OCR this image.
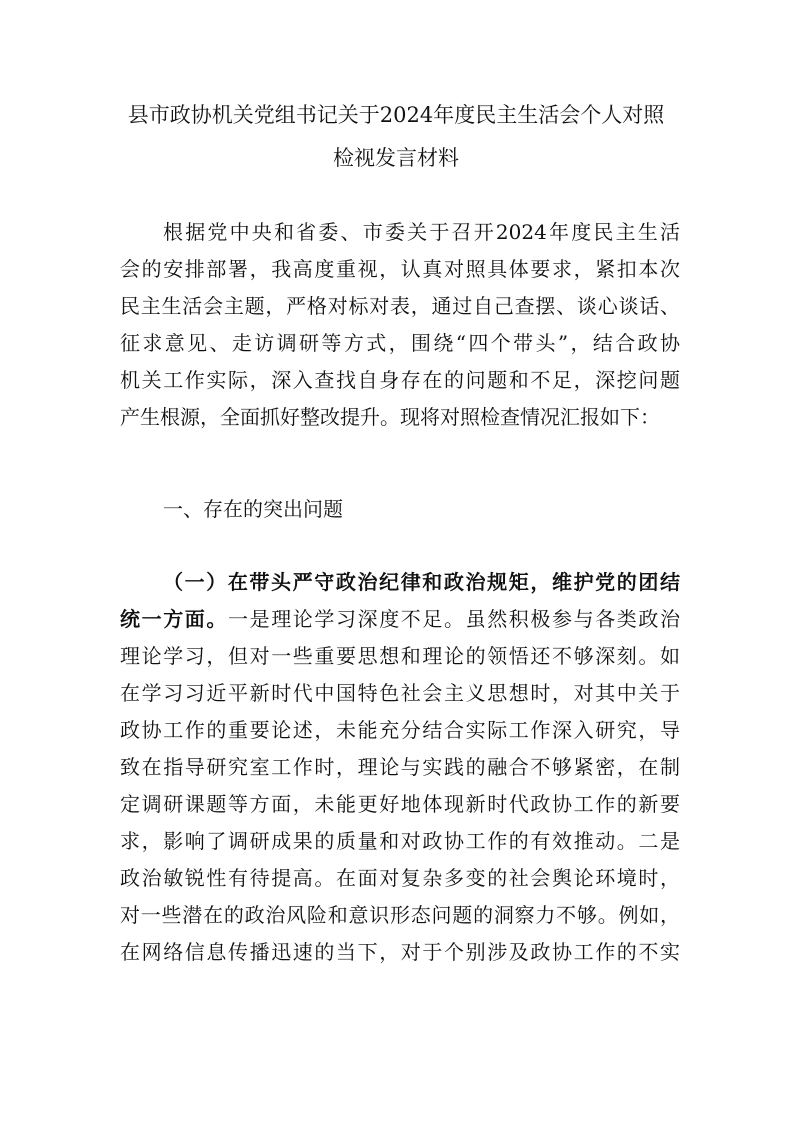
县市政协机关党组书记关于2024年度民主生活会个人对照
检视发言材料
根据党中央和省委、市委关于召开2024年度民主生活
会的安排部署，我高度重视，认真对照具体要求，紧扣本次
民主生活会主题，严格对标对表，通过自己查摆、谈心谈话、
征求意见、走访调研等方式，围绕“四个带头”，结合政协
机关工作实际，深入查找自身存在的问题和不足，深挖问题
产生根源，全面抓好整改提升。现将对照检查情况汇报如下：
一、存在的突出问题
（一）在带头严守政治纪律和政治规矩，维护党的团结
统一方面。一是理论学习深度不足。虽然积极参与各类政治
理论学习，但对一些重要思想和理论的领悟还不够深刻。如
在学习习近平新时代中国特色社会主义思想时，对其中关于
政协工作的重要论述，未能充分结合实际工作深入研究，导
致在指导研究室工作时，理论与实践的融合不够紧密，在制
定调研课题等方面，未能更好地体现新时代政协工作的新要
求，影响了调研成果的质量和对政协工作的有效推动。二是
政治敏锐性有待提高。在面对复杂多变的社会舆论环境时，
对一些潜在的政治风险和意识形态问题的洞察力不够。例如，
在网络信息传播迅速的当下，对于个别涉及政协工作的不实
